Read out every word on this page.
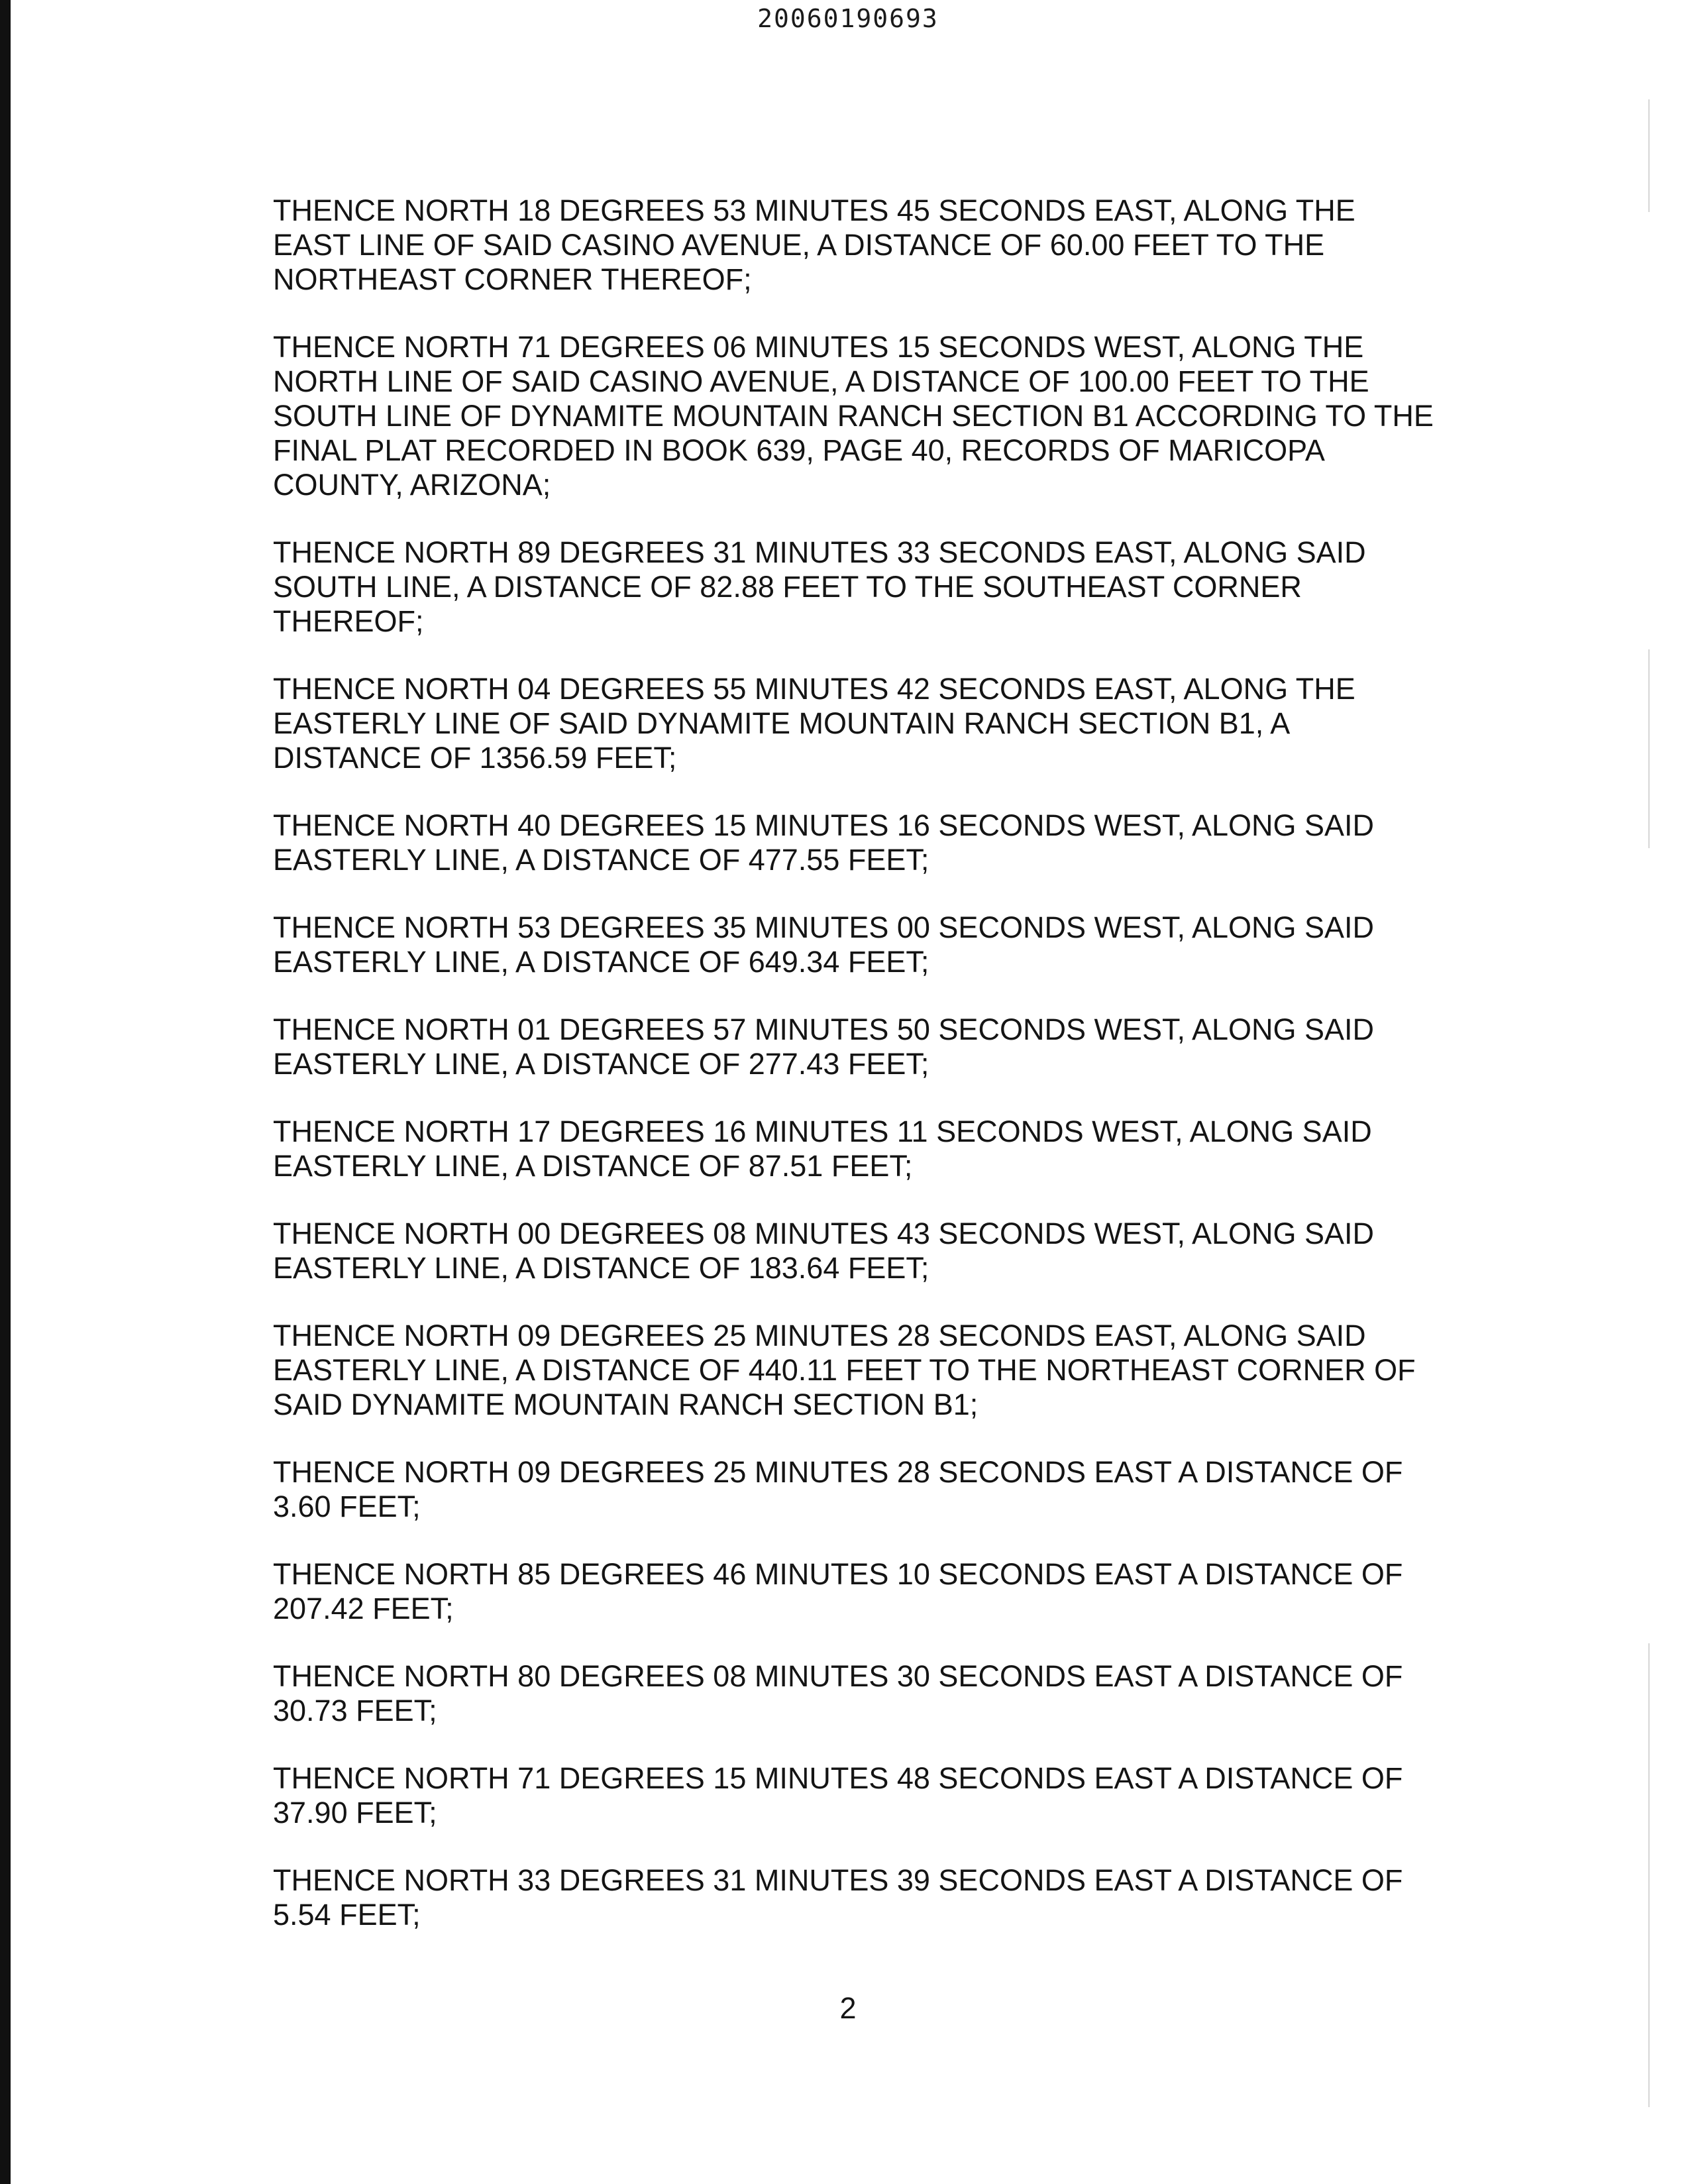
20060190693

THENCE NORTH 18 DEGREES 53 MINUTES 45 SECONDS EAST, ALONG THE
EAST LINE OF SAID CASINO AVENUE, A DISTANCE OF 60.00 FEET TO THE
NORTHEAST CORNER THEREOF;

THENCE NORTH 71 DEGREES 06 MINUTES 15 SECONDS WEST, ALONG THE
NORTH LINE OF SAID CASINO AVENUE, A DISTANCE OF 100.00 FEET TO THE
SOUTH LINE OF DYNAMITE MOUNTAIN RANCH SECTION B1 ACCORDING TO THE
FINAL PLAT RECORDED IN BOOK 639, PAGE 40, RECORDS OF MARICOPA
COUNTY, ARIZONA;

THENCE NORTH 89 DEGREES 31 MINUTES 33 SECONDS EAST, ALONG SAID
SOUTH LINE, A DISTANCE OF 82.88 FEET TO THE SOUTHEAST CORNER
THEREOF;

THENCE NORTH 04 DEGREES 55 MINUTES 42 SECONDS EAST, ALONG THE
EASTERLY LINE OF SAID DYNAMITE MOUNTAIN RANCH SECTION B1, A
DISTANCE OF 1356.59 FEET;

THENCE NORTH 40 DEGREES 15 MINUTES 16 SECONDS WEST, ALONG SAID
EASTERLY LINE, A DISTANCE OF 477.55 FEET;

THENCE NORTH 53 DEGREES 35 MINUTES 00 SECONDS WEST, ALONG SAID
EASTERLY LINE, A DISTANCE OF 649.34 FEET;

THENCE NORTH 01 DEGREES 57 MINUTES 50 SECONDS WEST, ALONG SAID
EASTERLY LINE, A DISTANCE OF 277.43 FEET;

THENCE NORTH 17 DEGREES 16 MINUTES 11 SECONDS WEST, ALONG SAID
EASTERLY LINE, A DISTANCE OF 87.51 FEET;

THENCE NORTH 00 DEGREES 08 MINUTES 43 SECONDS WEST, ALONG SAID
EASTERLY LINE, A DISTANCE OF 183.64 FEET;

THENCE NORTH 09 DEGREES 25 MINUTES 28 SECONDS EAST, ALONG SAID
EASTERLY LINE, A DISTANCE OF 440.11 FEET TO THE NORTHEAST CORNER OF
SAID DYNAMITE MOUNTAIN RANCH SECTION B1;

THENCE NORTH 09 DEGREES 25 MINUTES 28 SECONDS EAST A DISTANCE OF
3.60 FEET;

THENCE NORTH 85 DEGREES 46 MINUTES 10 SECONDS EAST A DISTANCE OF
207.42 FEET;

THENCE NORTH 80 DEGREES 08 MINUTES 30 SECONDS EAST A DISTANCE OF
30.73 FEET;

THENCE NORTH 71 DEGREES 15 MINUTES 48 SECONDS EAST A DISTANCE OF
37.90 FEET;

THENCE NORTH 33 DEGREES 31 MINUTES 39 SECONDS EAST A DISTANCE OF
5.54 FEET;

2
